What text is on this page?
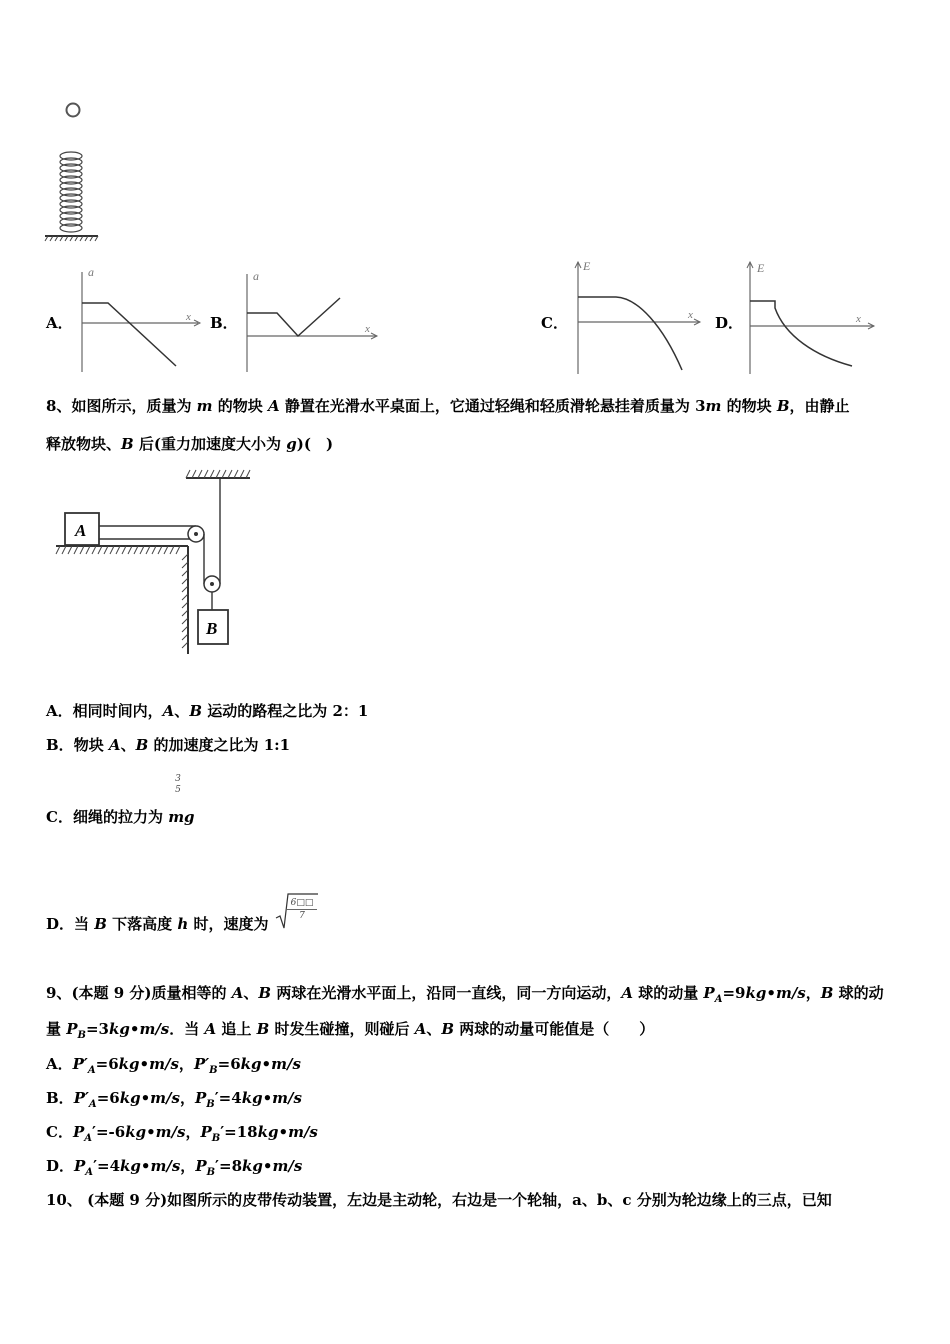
A．
a
x B．
a
x	C．
E
x D．
E
x
8、如图所示，质量为 m 的物块 A 静置在光滑水平桌面上，它通过轻绳和轻质滑轮悬挂着质量为 3m 的物块 B，由静止
释放物块、B 后(重力加速度大小为 g)(　)
A
B
A．相同时间内，A、B 运动的路程之比为 2：1
B．物块 A、B 的加速度之比为 1:1
3
5
C．细绳的拉力为 mg
D．当 B 下落高度 h 时，速度为
6□□
7
9、(本题 9 分)质量相等的 A、B 两球在光滑水平面上，沿同一直线，同一方向运动，A 球的动量 $P_A=9kg•m/s$，B 球的动
量 $P_B=3kg•m/s$．当 A 追上 B 时发生碰撞，则碰后 A、B 两球的动量可能值是（　　）
A．$P'_A=6kg•m/s$，$P'_B=6kg•m/s$
B．$P'_A=6kg•m/s$，$P_B'=4kg•m/s$
C．$P_A'=-6kg•m/s$，$P_B'=18kg•m/s$
D．$P_A'=4kg•m/s$，$P_B'=8kg•m/s$
10、 (本题 9 分)如图所示的皮带传动装置，左边是主动轮，右边是一个轮轴，a、b、c 分别为轮边缘上的三点，已知
